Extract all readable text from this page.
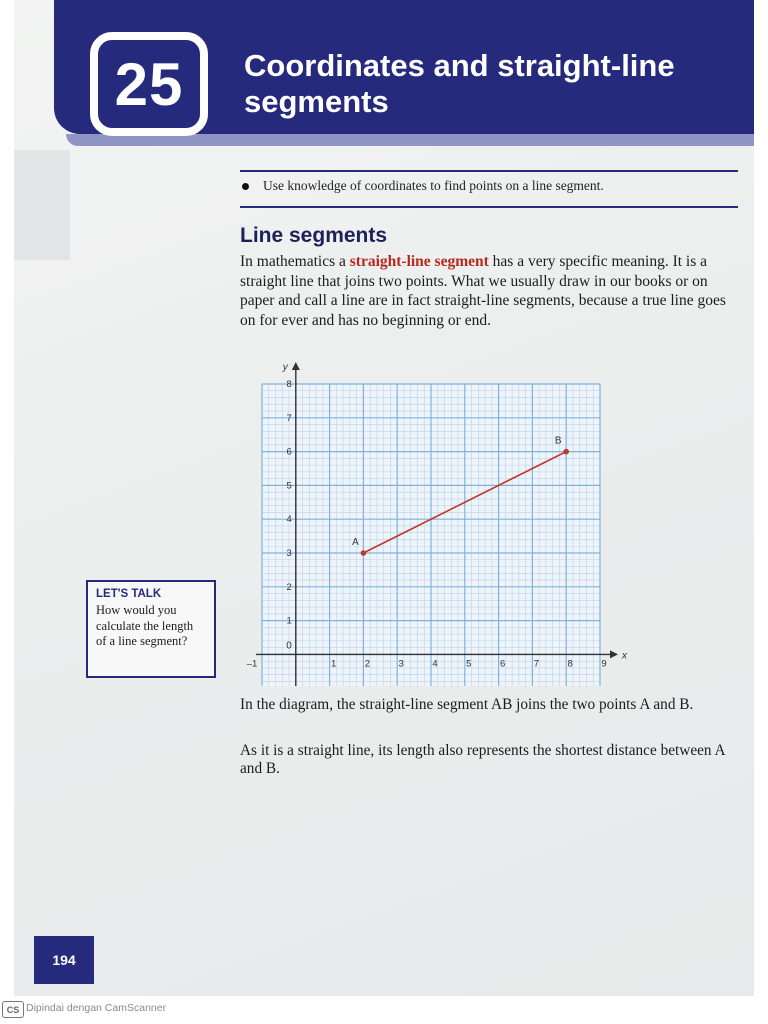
25 Coordinates and straight-line segments
Use knowledge of coordinates to find points on a line segment.
Line segments
In mathematics a straight-line segment has a very specific meaning. It is a straight line that joins two points. What we usually draw in our books or on paper and call a line are in fact straight-line segments, because a true line goes on for ever and has no beginning or end.
x
y
0
–1	1	2	3	4	5	6	7	8	9
1
2
3
4
5
6
7
8
A
B
LET'S TALK
How would you calculate the length of a line segment?
In the diagram, the straight-line segment AB joins the two points A and B.
As it is a straight line, its length also represents the shortest distance between A and B.
194
CS Dipindai dengan CamScanner
